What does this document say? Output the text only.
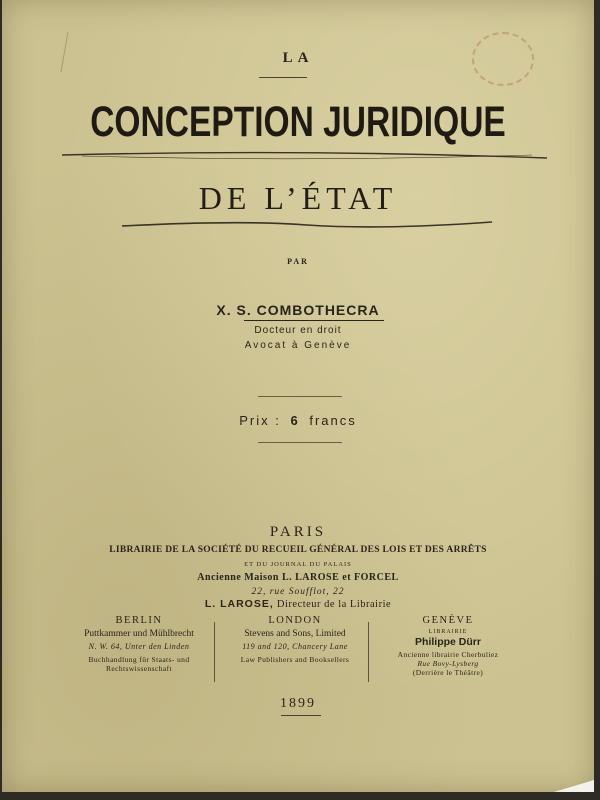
LA
CONCEPTION JURIDIQUE
DE L’ÉTAT
PAR
X. S. COMBOTHECRA
Docteur en droit
Avocat à Genève
Prix : 6 francs
PARIS
LIBRAIRIE DE LA SOCIÉTÉ DU RECUEIL GÉNÉRAL DES LOIS ET DES ARRÊTS
ET DU JOURNAL DU PALAIS
Ancienne Maison L. LAROSE et FORCEL
22, rue Soufflot, 22
L. LAROSE, Directeur de la Librairie
BERLIN
Puttkammer und Mühlbrecht
N. W. 64, Unter den Linden
Buchhandlung für Staats- und Rechtswissenschaft
LONDON
Stevens and Sons, Limited
119 and 120, Chancery Lane
Law Publishers and Booksellers
GENÈVE
LIBRAIRIE
Philippe Dürr
Ancienne librairie Cherbuliez
Rue Bovy-Lysberg
(Derrière le Théâtre)
1899
